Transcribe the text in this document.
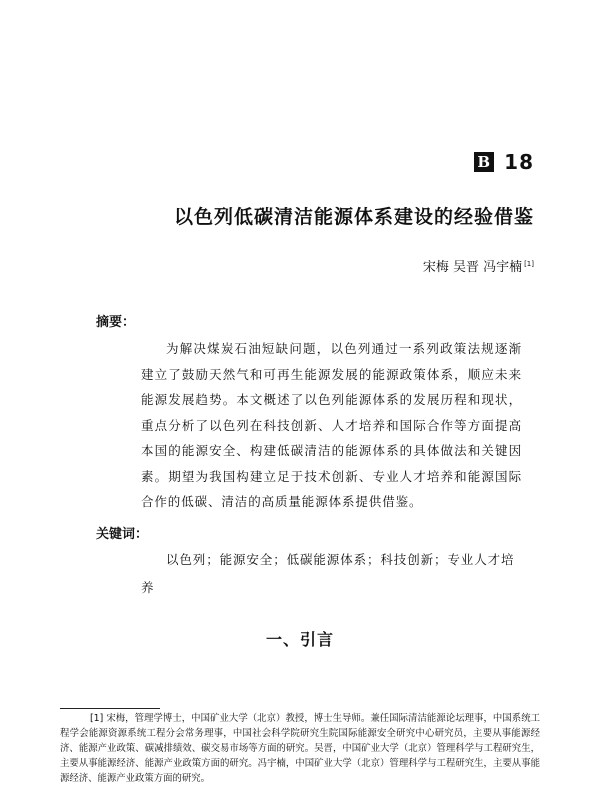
B 18
以色列低碳清洁能源体系建设的经验借鉴
宋梅 吴晋 冯宇楠 [1]
摘要：
为解决煤炭石油短缺问题，以色列通过一系列政策法规逐渐建立了鼓励天然气和可再生能源发展的能源政策体系，顺应未来能源发展趋势。本文概述了以色列能源体系的发展历程和现状，重点分析了以色列在科技创新、人才培养和国际合作等方面提高本国的能源安全、构建低碳清洁的能源体系的具体做法和关键因素。期望为我国构建立足于技术创新、专业人才培养和能源国际合作的低碳、清洁的高质量能源体系提供借鉴。
关键词：
以色列；能源安全；低碳能源体系；科技创新；专业人才培养
一、引言
[1] 宋梅，管理学博士，中国矿业大学（北京）教授，博士生导师。兼任国际清洁能源论坛理事，中国系统工程学会能源资源系统工程分会常务理事，中国社会科学院研究生院国际能源安全研究中心研究员，主要从事能源经济、能源产业政策、碳减排绩效、碳交易市场等方面的研究。吴晋，中国矿业大学（北京）管理科学与工程研究生，主要从事能源经济、能源产业政策方面的研究。冯宇楠，中国矿业大学（北京）管理科学与工程研究生，主要从事能源经济、能源产业政策方面的研究。
